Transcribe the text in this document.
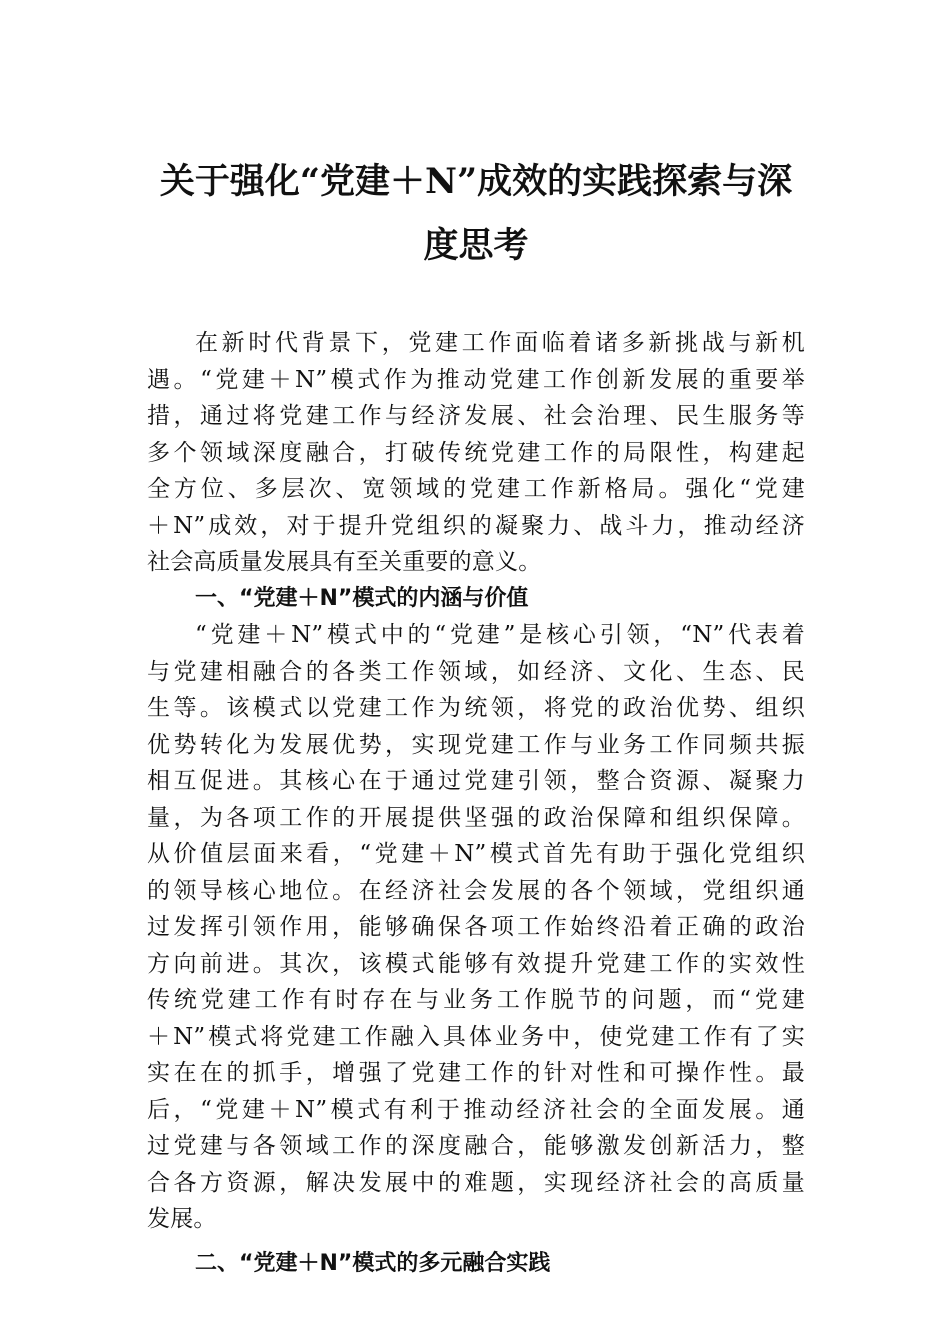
关于强化“党建＋N”成效的实践探索与深
度思考
在新时代背景下，党建工作面临着诸多新挑战与新机
遇。“党建＋N”模式作为推动党建工作创新发展的重要举
措，通过将党建工作与经济发展、社会治理、民生服务等
多个领域深度融合，打破传统党建工作的局限性，构建起
全方位、多层次、宽领域的党建工作新格局。强化“党建
＋N”成效，对于提升党组织的凝聚力、战斗力，推动经济
社会高质量发展具有至关重要的意义。
一、“党建＋N”模式的内涵与价值
“党建＋N”模式中的“党建”是核心引领，“N”代表着
与党建相融合的各类工作领域，如经济、文化、生态、民
生等。该模式以党建工作为统领，将党的政治优势、组织
优势转化为发展优势，实现党建工作与业务工作同频共振
相互促进。其核心在于通过党建引领，整合资源、凝聚力
量，为各项工作的开展提供坚强的政治保障和组织保障。
从价值层面来看，“党建＋N”模式首先有助于强化党组织
的领导核心地位。在经济社会发展的各个领域，党组织通
过发挥引领作用，能够确保各项工作始终沿着正确的政治
方向前进。其次，该模式能够有效提升党建工作的实效性
传统党建工作有时存在与业务工作脱节的问题，而“党建
＋N”模式将党建工作融入具体业务中，使党建工作有了实
实在在的抓手，增强了党建工作的针对性和可操作性。最
后，“党建＋N”模式有利于推动经济社会的全面发展。通
过党建与各领域工作的深度融合，能够激发创新活力，整
合各方资源，解决发展中的难题，实现经济社会的高质量
发展。
二、“党建＋N”模式的多元融合实践
